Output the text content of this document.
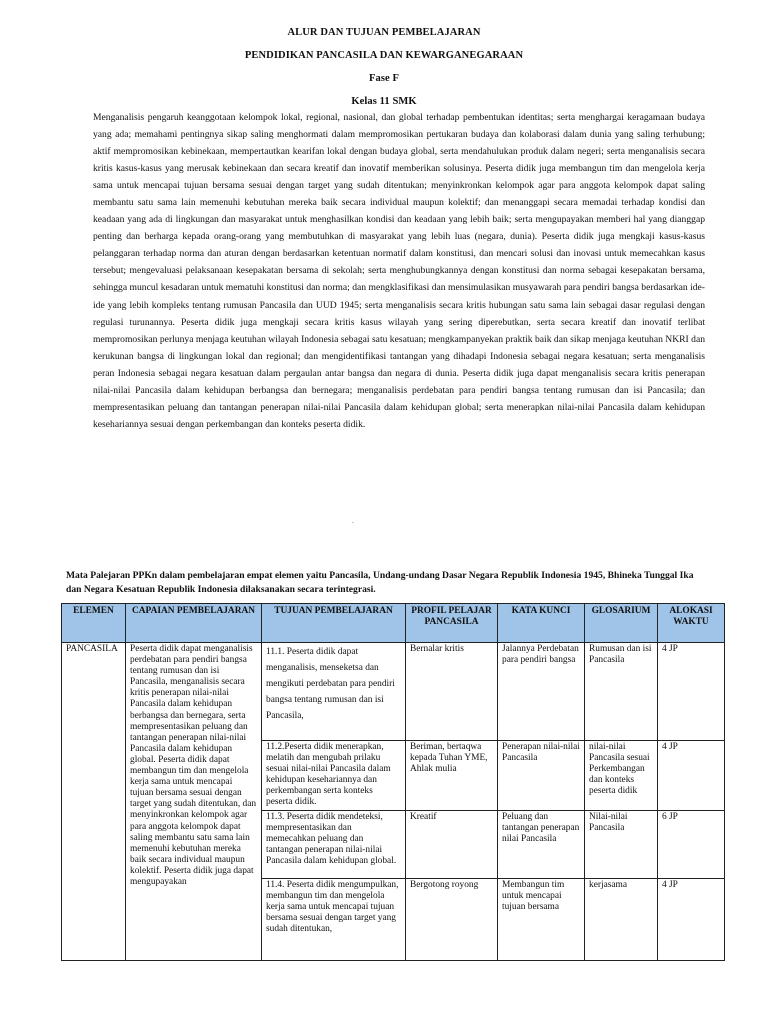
ALUR DAN TUJUAN PEMBELAJARAN
PENDIDIKAN PANCASILA DAN KEWARGANEGARAAN
Fase F
Kelas 11 SMK
Menganalisis pengaruh keanggotaan kelompok lokal, regional, nasional, dan global terhadap pembentukan identitas; serta menghargai keragamaan budaya yang ada; memahami pentingnya sikap saling menghormati dalam mempromosikan pertukaran budaya dan kolaborasi dalam dunia yang saling terhubung; aktif mempromosikan kebinekaan, mempertautkan kearifan lokal dengan budaya global, serta mendahulukan produk dalam negeri; serta menganalisis secara kritis kasus-kasus yang merusak kebinekaan dan secara kreatif dan inovatif memberikan solusinya. Peserta didik juga membangun tim dan mengelola kerja sama untuk mencapai tujuan bersama sesuai dengan target yang sudah ditentukan; menyinkronkan kelompok agar para anggota kelompok dapat saling membantu satu sama lain memenuhi kebutuhan mereka baik secara individual maupun kolektif; dan menanggapi secara memadai terhadap kondisi dan keadaan yang ada di lingkungan dan masyarakat untuk menghasilkan kondisi dan keadaan yang lebih baik; serta mengupayakan memberi hal yang dianggap penting dan berharga kepada orang-orang yang membutuhkan di masyarakat yang lebih luas (negara, dunia). Peserta didik juga mengkaji kasus-kasus pelanggaran terhadap norma dan aturan dengan berdasarkan ketentuan normatif dalam konstitusi, dan mencari solusi dan inovasi untuk memecahkan kasus tersebut; mengevaluasi pelaksanaan kesepakatan bersama di sekolah; serta menghubungkannya dengan konstitusi dan norma sebagai kesepakatan bersama, sehingga muncul kesadaran untuk mematuhi konstitusi dan norma; dan mengklasifikasi dan mensimulasikan musyawarah para pendiri bangsa berdasarkan ide-ide yang lebih kompleks tentang rumusan Pancasila dan UUD 1945; serta menganalisis secara kritis hubungan satu sama lain sebagai dasar regulasi dengan regulasi turunannya. Peserta didik juga mengkaji secara kritis kasus wilayah yang sering diperebutkan, serta secara kreatif dan inovatif terlibat mempromosikan perlunya menjaga keutuhan wilayah Indonesia sebagai satu kesatuan; mengkampanyekan praktik baik dan sikap menjaga keutuhan NKRI dan kerukunan bangsa di lingkungan lokal dan regional; dan mengidentifikasi tantangan yang dihadapi Indonesia sebagai negara kesatuan; serta menganalisis peran Indonesia sebagai negara kesatuan dalam pergaulan antar bangsa dan negara di dunia. Peserta didik juga dapat menganalisis secara kritis penerapan nilai-nilai Pancasila dalam kehidupan berbangsa dan bernegara; menganalisis perdebatan para pendiri bangsa tentang rumusan dan isi Pancasila; dan mempresentasikan peluang dan tantangan penerapan nilai-nilai Pancasila dalam kehidupan global; serta menerapkan nilai-nilai Pancasila dalam kehidupan kesehariannya sesuai dengan perkembangan dan konteks peserta didik.
.
Mata Palejaran PPKn dalam pembelajaran empat elemen yaitu Pancasila, Undang-undang Dasar Negara Republik Indonesia 1945, Bhineka Tunggal Ika dan Negara Kesatuan Republik Indonesia dilaksanakan secara terintegrasi.
ELEMEN	CAPAIAN PEMBELAJARAN	TUJUAN PEMBELAJARAN	PROFIL PELAJAR PANCASILA	KATA KUNCI	GLOSARIUM	ALOKASI WAKTU
PANCASILA	Peserta didik dapat menganalisis perdebatan para pendiri bangsa tentang rumusan dan isi Pancasila, menganalisis secara kritis penerapan nilai-nilai Pancasila dalam kehidupan berbangsa dan bernegara, serta mempresentasikan peluang dan tantangan penerapan nilai-nilai Pancasila dalam kehidupan global. Peserta didik dapat membangun tim dan mengelola kerja sama untuk mencapai tujuan bersama sesuai dengan target yang sudah ditentukan, dan menyinkronkan kelompok agar para anggota kelompok dapat saling membantu satu sama lain memenuhi kebutuhan mereka baik secara individual maupun kolektif. Peserta didik juga dapat mengupayakan	11.1. Peserta didik dapat menganalisis, menseketsa dan mengikuti perdebatan para pendiri bangsa tentang rumusan dan isi Pancasila,	Bernalar kritis	Jalannya Perdebatan para pendiri bangsa	Rumusan dan isi Pancasila	4 JP
		11.2.Peserta didik menerapkan, melatih dan mengubah prilaku sesuai nilai-nilai Pancasila dalam kehidupan kesehariannya dan perkembangan serta konteks peserta didik.	Beriman, bertaqwa kepada Tuhan YME, Ahlak mulia	Penerapan nilai-nilai Pancasila	nilai-nilai Pancasila sesuai Perkembangan dan konteks peserta didik	4 JP
		11.3. Peserta didik mendeteksi, mempresentasikan dan memecahkan peluang dan tantangan penerapan nilai-nilai Pancasila dalam kehidupan global.	Kreatif	Peluang dan tantangan penerapan nilai Pancasila	Nilai-nilai Pancasila	6 JP
		11.4. Peserta didik mengumpulkan, membangun tim dan mengelola kerja sama untuk mencapai tujuan bersama sesuai dengan target yang sudah ditentukan,	Bergotong royong	Membangun tim untuk mencapai tujuan bersama	kerjasama	4 JP
